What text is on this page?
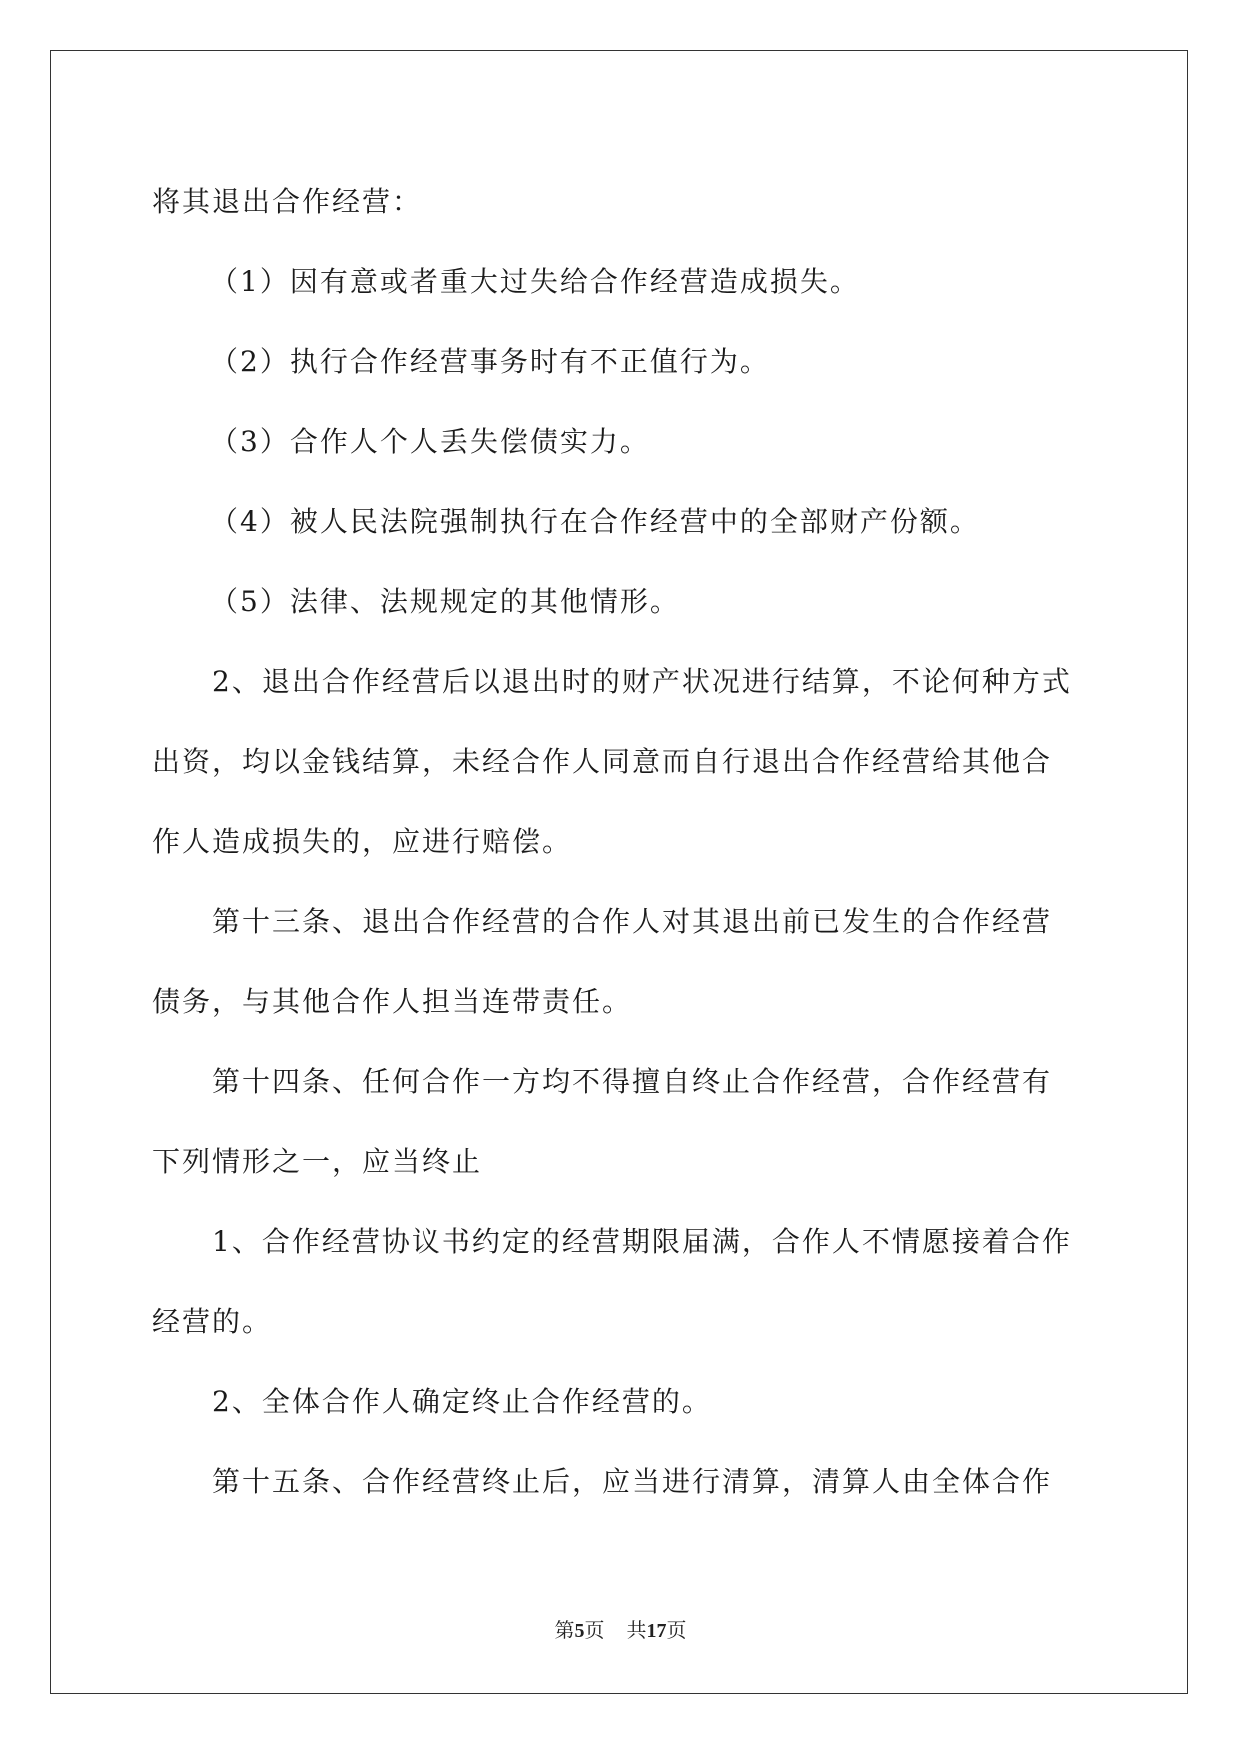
将其退出合作经营：

（1）因有意或者重大过失给合作经营造成损失。

（2）执行合作经营事务时有不正值行为。

（3）合作人个人丢失偿债实力。

（4）被人民法院强制执行在合作经营中的全部财产份额。

（5）法律、法规规定的其他情形。

2、退出合作经营后以退出时的财产状况进行结算，不论何种方式

出资，均以金钱结算，未经合作人同意而自行退出合作经营给其他合

作人造成损失的，应进行赔偿。

第十三条、退出合作经营的合作人对其退出前已发生的合作经营

债务，与其他合作人担当连带责任。

第十四条、任何合作一方均不得擅自终止合作经营，合作经营有

下列情形之一，应当终止

1、合作经营协议书约定的经营期限届满，合作人不情愿接着合作

经营的。

2、全体合作人确定终止合作经营的。

第十五条、合作经营终止后，应当进行清算，清算人由全体合作

第5页 共17页
